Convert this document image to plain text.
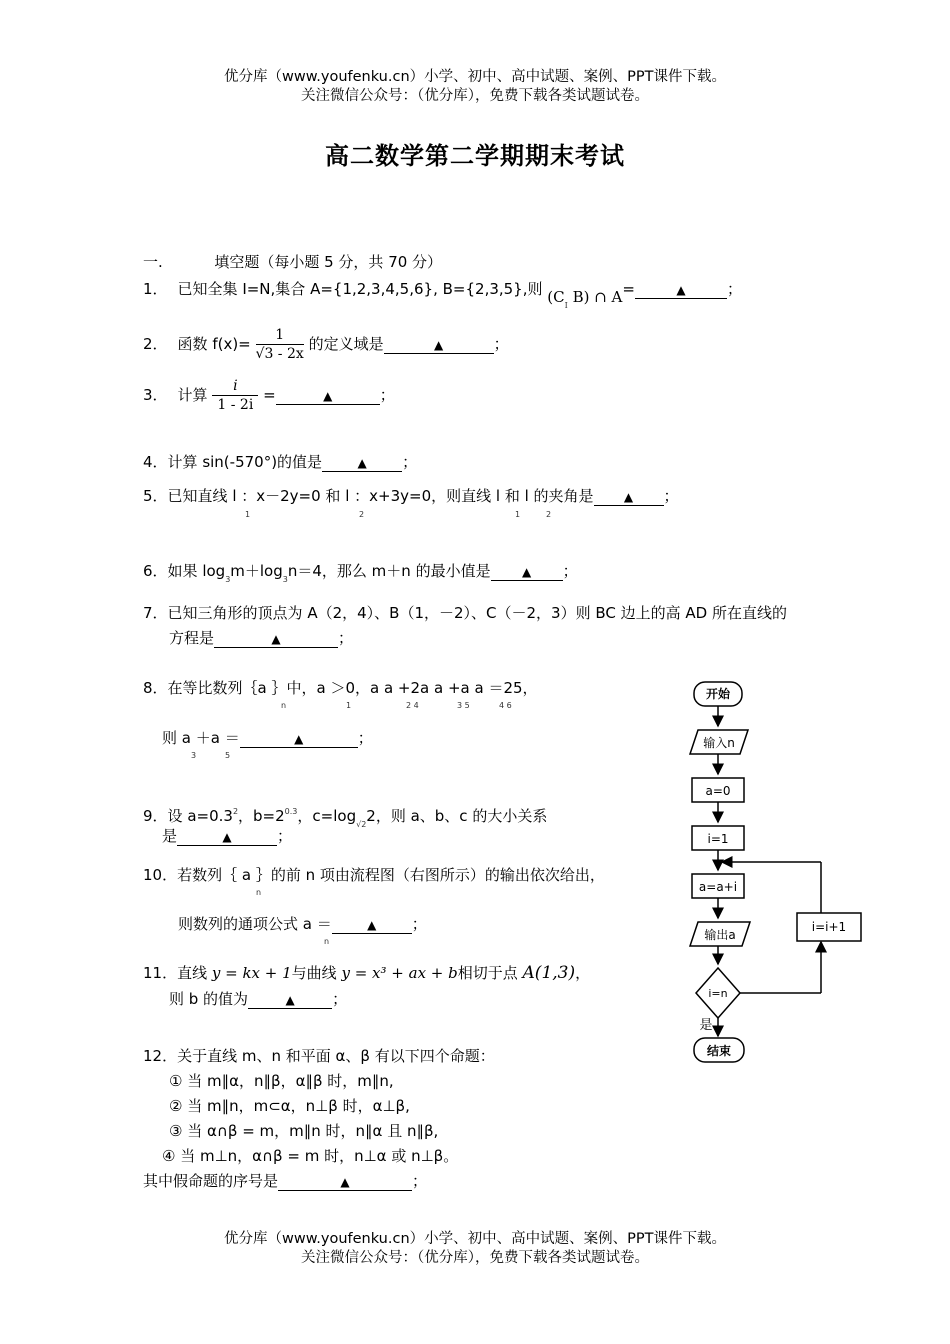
优分库（www.youfenku.cn）小学、初中、高中试题、案例、PPT课件下载。
关注微信公众号：（优分库），免费下载各类试题试卷。
高二数学第二学期期末考试
一.	填空题（每小题 5 分，共 70 分）
1． 已知全集 I=N,集合 A={1,2,3,4,5,6}, B={2,3,5},则 ($C_I$ B) ∩ A=	▲	；
2． 函数 $f(x)= \frac{1}{√3 - 2x}$ 的定义域是	▲	；
3． 计算 $\frac{i}{1 - 2i}$ =	▲	；
4．计算 sin(-570°)的值是	▲ ；
5．已知直线 l ：x－2y=0 和 l ：x+3y=0，则直线 l 和 l 的夹角是	▲ ；
1	2	1	2
6．如果 $\log_3m+\log_3n=4$，那么 m＋n 的最小值是	▲ ；
7．已知三角形的顶点为 A（2，4）、B（1，－2）、C（－2，3）则 BC 边上的高 AD 所在直线的
方程是	▲	；
8．在等比数列｛a ｝中，a ＞0，a a +2a a +a a ＝25，
n	1	2 4	3 5	4 6
则 a ＋a ＝	▲	；
3	5
9．设 $a=0.3^2$，$b=2^{0.3}$，$c=\log_{√2}2$，则 a、b、c 的大小关系
是	▲	；
10．若数列｛ a ｝的前 n 项由流程图（右图所示）的输出依次给出，
n
则数列的通项公式 a ＝	▲ ；
n
11．直线 y = kx + 1与曲线 y = x³ + ax + b相切于点 A(1,3)，
则 b 的值为	▲ ；
12．关于直线 m、n 和平面 α、β 有以下四个命题：
① 当 m∥α，n∥β，α∥β 时，m∥n,
② 当 m∥n，m⊂α，n⊥β 时，α⊥β,
③ 当 α∩β = m，m∥n 时，n∥α 且 n∥β,
④ 当 m⊥n，α∩β = m 时，n⊥α 或 n⊥β。
其中假命题的序号是	▲	；
开始
输入n
a=0
i=1
a=a+i
输出a
i=n
是
结束
i=i+1
优分库（www.youfenku.cn）小学、初中、高中试题、案例、PPT课件下载。
关注微信公众号：（优分库），免费下载各类试题试卷。
